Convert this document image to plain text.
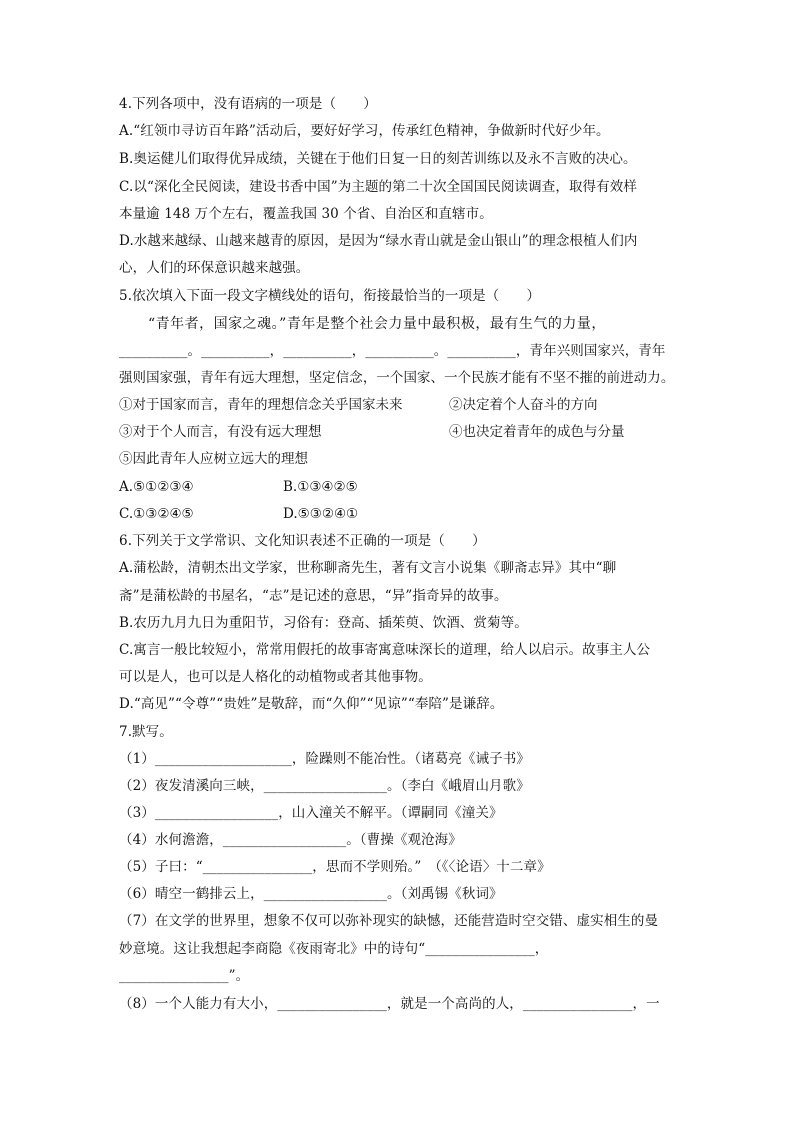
4.下列各项中，没有语病的一项是（　　）
A.“红领巾寻访百年路”活动后，要好好学习，传承红色精神，争做新时代好少年。
B.奥运健儿们取得优异成绩，关键在于他们日复一日的刻苦训练以及永不言败的决心。
C.以“深化全民阅读，建设书香中国”为主题的第二十次全国国民阅读调查，取得有效样
本量逾 148 万个左右，覆盖我国 30 个省、自治区和直辖市。
D.水越来越绿、山越来越青的原因，是因为“绿水青山就是金山银山”的理念根植人们内
心，人们的环保意识越来越强。
5.依次填入下面一段文字横线处的语句，衔接最恰当的一项是（　　）
　　“青年者，国家之魂。”青年是整个社会力量中最积极，最有生气的力量，
__________。__________，__________，__________。__________，青年兴则国家兴，青年
强则国家强，青年有远大理想，坚定信念，一个国家、一个民族才能有不坚不摧的前进动力。
①对于国家而言，青年的理想信念关乎国家未来	②决定着个人奋斗的方向
③对于个人而言，有没有远大理想	④也决定着青年的成色与分量
⑤因此青年人应树立远大的理想
A.⑤①②③④	B.①③④②⑤
C.①③②④⑤	D.⑤③②④①
6.下列关于文学常识、文化知识表述不正确的一项是（　　）
A.蒲松龄，清朝杰出文学家，世称聊斋先生，著有文言小说集《聊斋志异》其中“聊
斋”是蒲松龄的书屋名，“志”是记述的意思，“异”指奇异的故事。
B.农历九月九日为重阳节，习俗有：登高、插茱萸、饮酒、赏菊等。
C.寓言一般比较短小，常常用假托的故事寄寓意味深长的道理，给人以启示。故事主人公
可以是人，也可以是人格化的动植物或者其他事物。
D.“高见”“令尊”“贵姓”是敬辞，而“久仰”“见谅”“奉陪”是谦辞。
7.默写。
（1）____________________，险躁则不能冶性。（诸葛亮《诫子书》
（2）夜发清溪向三峡，__________________。（李白《峨眉山月歌》
（3）__________________，山入潼关不解平。（谭嗣同《潼关》
（4）水何澹澹，__________________。（曹操《观沧海》
（5）子曰：“________________，思而不学则殆。”　（《〈论语〉十二章》
（6）晴空一鹤排云上，__________________。（刘禹锡《秋词》
（7）在文学的世界里，想象不仅可以弥补现实的缺憾，还能营造时空交错、虚实相生的曼
妙意境。这让我想起李商隐《夜雨寄北》中的诗句“________________，
________________”。
（8）一个人能力有大小，________________，就是一个高尚的人，________________，一
